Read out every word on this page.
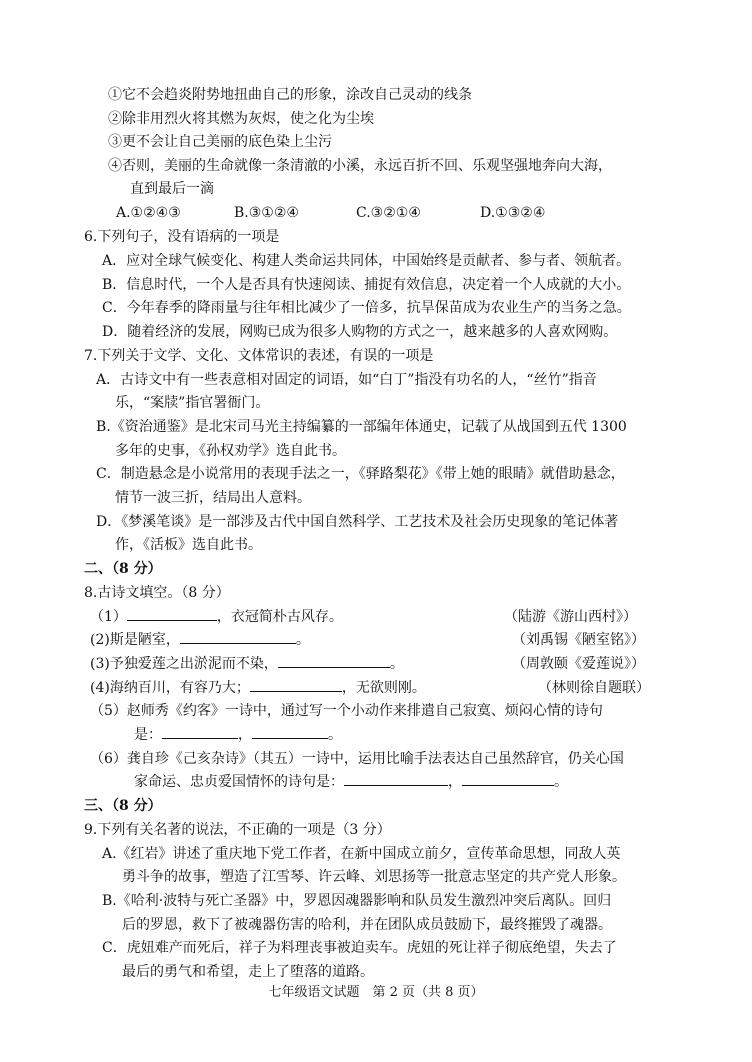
①它不会趋炎附势地扭曲自己的形象，涂改自己灵动的线条
②除非用烈火将其燃为灰烬，使之化为尘埃
③更不会让自己美丽的底色染上尘污
④否则，美丽的生命就像一条清澈的小溪，永远百折不回、乐观坚强地奔向大海，
直到最后一滴
A.①②④③	B.③①②④	C.③②①④	D.①③②④
6.下列句子，没有语病的一项是
A．应对全球气候变化、构建人类命运共同体，中国始终是贡献者、参与者、领航者。
B．信息时代，一个人是否具有快速阅读、捕捉有效信息，决定着一个人成就的大小。
C．今年春季的降雨量与往年相比减少了一倍多，抗旱保苗成为农业生产的当务之急。
D．随着经济的发展，网购已成为很多人购物的方式之一，越来越多的人喜欢网购。
7.下列关于文学、文化、文体常识的表述，有误的一项是
A．古诗文中有一些表意相对固定的词语，如“白丁”指没有功名的人，“丝竹”指音
乐，“案牍”指官署衙门。
B.《资治通鉴》是北宋司马光主持编纂的一部编年体通史，记载了从战国到五代 1300
多年的史事，《孙权劝学》选自此书。
C．制造悬念是小说常用的表现手法之一，《驿路梨花》《带上她的眼睛》就借助悬念，
情节一波三折，结局出人意料。
D．《梦溪笔谈》是一部涉及古代中国自然科学、工艺技术及社会历史现象的笔记体著
作，《活板》选自此书。
二、（8 分）
8.古诗文填空。（8 分）
（1）	，衣冠简朴古风存。	（陆游《游山西村》）
(2)斯是陋室，	。	（刘禹锡《陋室铭》）
(3)予独爱莲之出淤泥而不染，	。	（周敦颐《爱莲说》）
(4)海纳百川，有容乃大；	，无欲则刚。	（林则徐自题联）
（5）赵师秀《约客》一诗中，通过写一个小动作来排遣自己寂寞、烦闷心情的诗句
是：	，	。
（6）龚自珍《己亥杂诗》（其五）一诗中，运用比喻手法表达自己虽然辞官，仍关心国
家命运、忠贞爱国情怀的诗句是：	，	。
三、（8 分）
9.下列有关名著的说法，不正确的一项是（3 分）
A.《红岩》讲述了重庆地下党工作者，在新中国成立前夕，宣传革命思想，同敌人英
勇斗争的故事，塑造了江雪琴、许云峰、刘思扬等一批意志坚定的共产党人形象。
B.《哈利·波特与死亡圣器》中，罗恩因魂器影响和队员发生激烈冲突后离队。回归
后的罗恩，救下了被魂器伤害的哈利，并在团队成员鼓励下，最终摧毁了魂器。
C．虎妞难产而死后，祥子为料理丧事被迫卖车。虎妞的死让祥子彻底绝望，失去了
最后的勇气和希望，走上了堕落的道路。
七年级语文试题　第 2 页（共 8 页）
